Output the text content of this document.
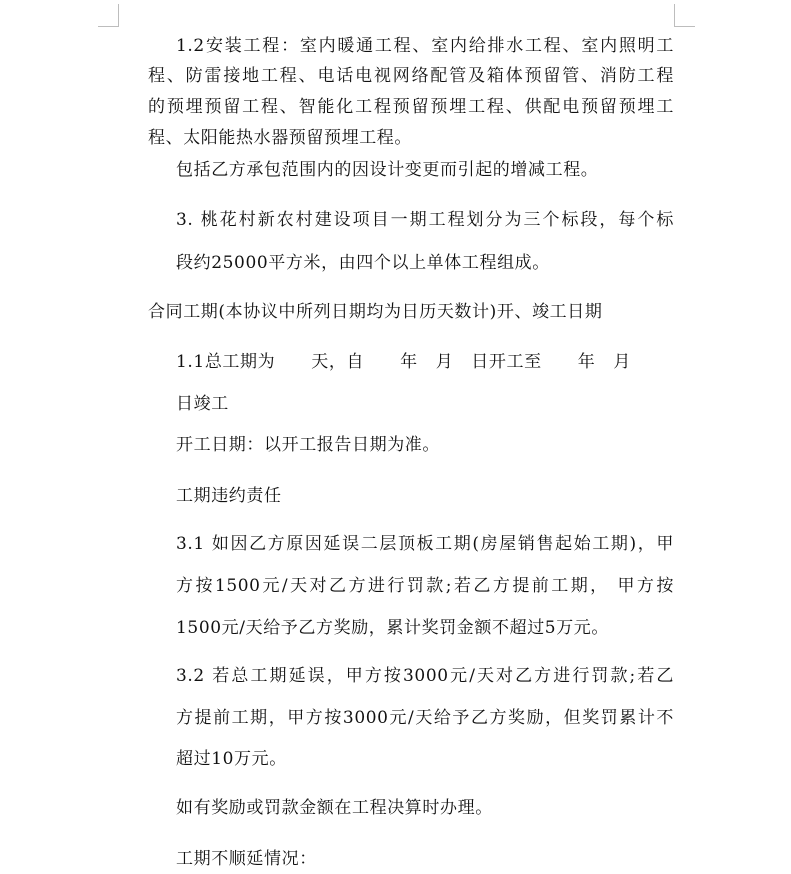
1.2安装工程：室内暖通工程、室内给排水工程、室内照明工
程、防雷接地工程、电话电视网络配管及箱体预留管、消防工程
的预埋预留工程、智能化工程预留预埋工程、供配电预留预埋工
程、太阳能热水器预留预埋工程。
包括乙方承包范围内的因设计变更而引起的增减工程。
3. 桃花村新农村建设项目一期工程划分为三个标段，每个标
段约25000平方米，由四个以上单体工程组成。
合同工期(本协议中所列日期均为日历天数计)开、竣工日期
1.1总工期为      天，自      年   月   日开工至      年   月
日竣工
开工日期：以开工报告日期为准。
工期违约责任
3.1 如因乙方原因延误二层顶板工期(房屋销售起始工期)，甲
方按1500元/天对乙方进行罚款;若乙方提前工期， 甲方按
1500元/天给予乙方奖励，累计奖罚金额不超过5万元。
3.2 若总工期延误，甲方按3000元/天对乙方进行罚款;若乙
方提前工期，甲方按3000元/天给予乙方奖励，但奖罚累计不
超过10万元。
如有奖励或罚款金额在工程决算时办理。
工期不顺延情况：
